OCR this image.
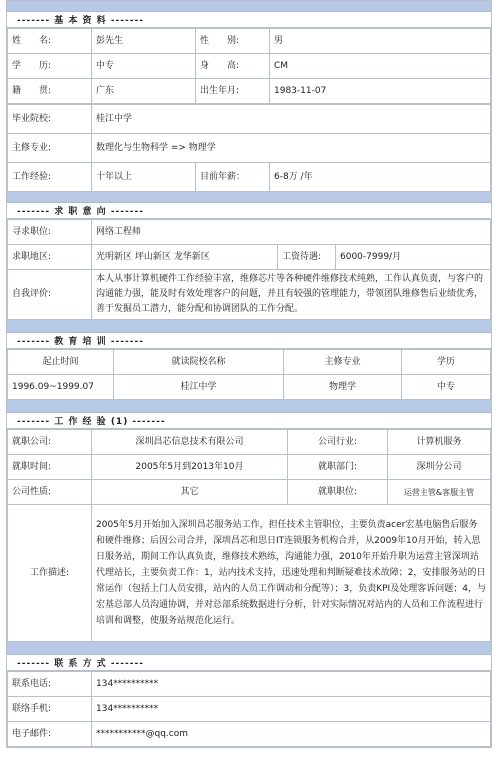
------- 基 本 资 料 -------
姓　　名:	彭先生	性　　别:	男
学　　历:	中专	身　　高:	CM
籍　　贯:	广东	出生年月:	1983-11-07
毕业院校:	桂江中学		
主修专业:	数理化与生物科学 => 物理学		
工作经验:	十年以上	目前年薪：	6-8万 /年
------- 求 职 意 向 -------
寻求职位:	网络工程师		
求职地区:	光明新区 坪山新区 龙华新区	工资待遇:	6000-7999/月
自我评价:	本人从事计算机硬件工作经验丰富，维修芯片等各种硬件维修技术纯熟，工作认真负责，与客户的沟通能力强，能及时有效处理客户的问题，并且有较强的管理能力，带领团队维修售后业绩优秀，善于发掘员工潜力，能分配和协调团队的工作分配。		
------- 教 育 培 训 -------
起止时间	就读院校名称	主修专业	学历
1996.09~1999.07	桂江中学	物理学	中专
------- 工 作 经 验 (1) -------
就职公司:	深圳昌芯信息技术有限公司	公司行业:	计算机服务
就职时间:	2005年5月到2013年10月	就职部门:	深圳分公司
公司性质:	其它	就职职位:	运营主管&客服主管
工作描述:	2005年5月开始加入深圳昌芯服务站工作，担任技术主管职位，主要负责acer宏基电脑售后服务和硬件维修；后因公司合并，深圳昌芯和思日IT连锁服务机构合并，从2009年10月开始，转入思日服务站，期间工作认真负责，维修技术熟练，沟通能力强，2010年开始升职为运营主管深圳站代理站长，主要负责工作：1，站内技术支持，迅速处理和判断疑难技术故障；2，安排服务站的日常运作（包括上门人员安排，站内的人员工作调动和分配等）；3，负责KPI及处理客诉问题；4，与宏基总部人员沟通协调，并对总部系统数据进行分析，针对实际情况对站内的人员和工作流程进行培训和调整，使服务站规范化运行。		
------- 联 系 方 式 -------
联系电话:	134**********
联络手机:	134**********
电子邮件:	***********@qq.com
